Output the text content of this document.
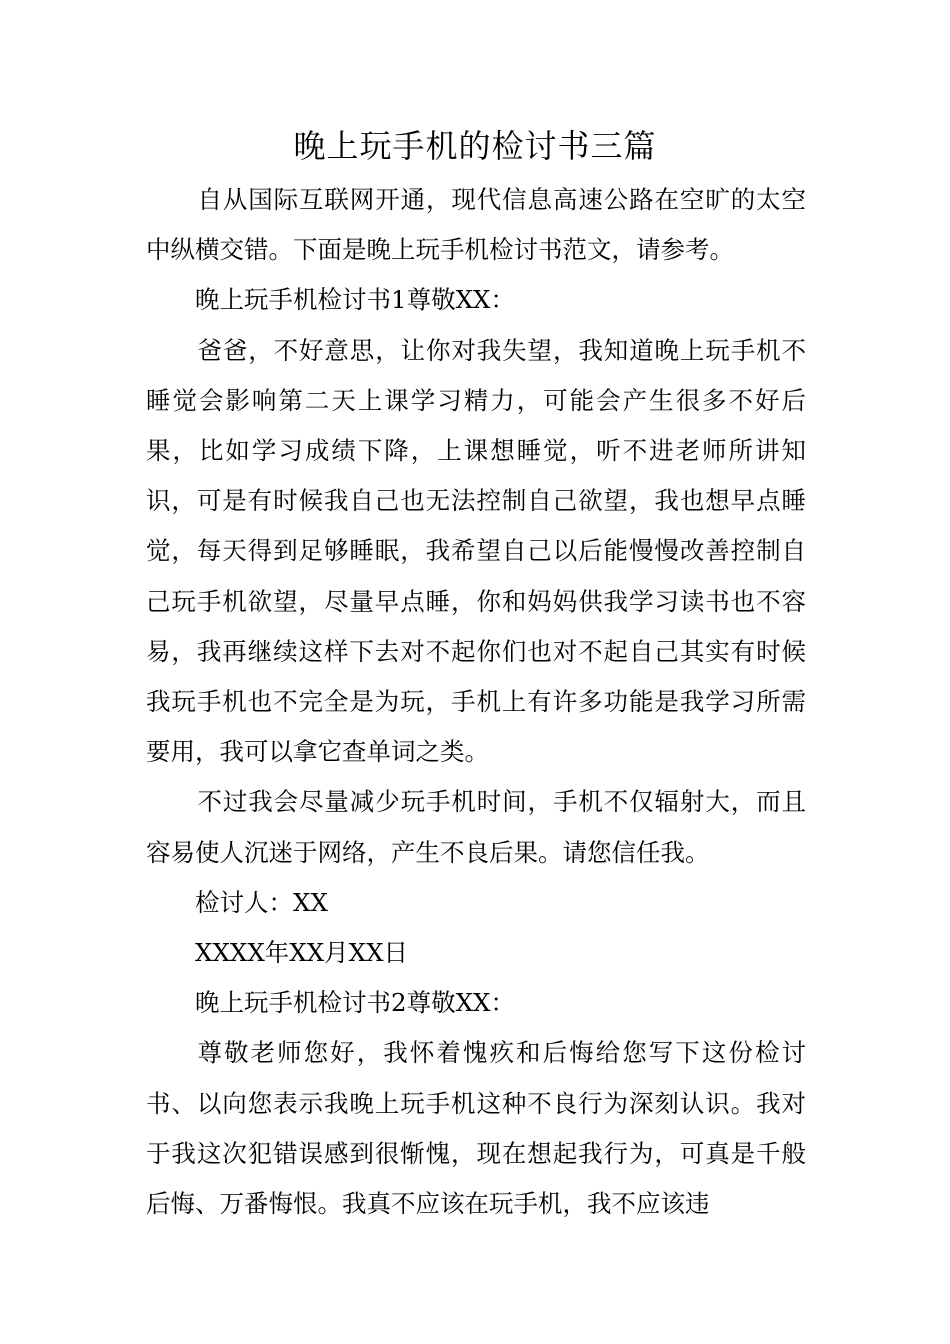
晚上玩手机的检讨书三篇

自从国际互联网开通，现代信息高速公路在空旷的太空中纵横交错。下面是晚上玩手机检讨书范文，请参考。

晚上玩手机检讨书1尊敬XX：

爸爸，不好意思，让你对我失望，我知道晚上玩手机不睡觉会影响第二天上课学习精力，可能会产生很多不好后果，比如学习成绩下降，上课想睡觉，听不进老师所讲知识，可是有时候我自己也无法控制自己欲望，我也想早点睡觉，每天得到足够睡眠，我希望自己以后能慢慢改善控制自己玩手机欲望，尽量早点睡，你和妈妈供我学习读书也不容易，我再继续这样下去对不起你们也对不起自己其实有时候我玩手机也不完全是为玩，手机上有许多功能是我学习所需要用，我可以拿它查单词之类。

不过我会尽量减少玩手机时间，手机不仅辐射大，而且容易使人沉迷于网络，产生不良后果。请您信任我。

检讨人：XX

XXXX年XX月XX日

晚上玩手机检讨书2尊敬XX：

尊敬老师您好，我怀着愧疚和后悔给您写下这份检讨书、以向您表示我晚上玩手机这种不良行为深刻认识。我对于我这次犯错误感到很惭愧，现在想起我行为，可真是千般后悔、万番悔恨。我真不应该在玩手机，我不应该违
